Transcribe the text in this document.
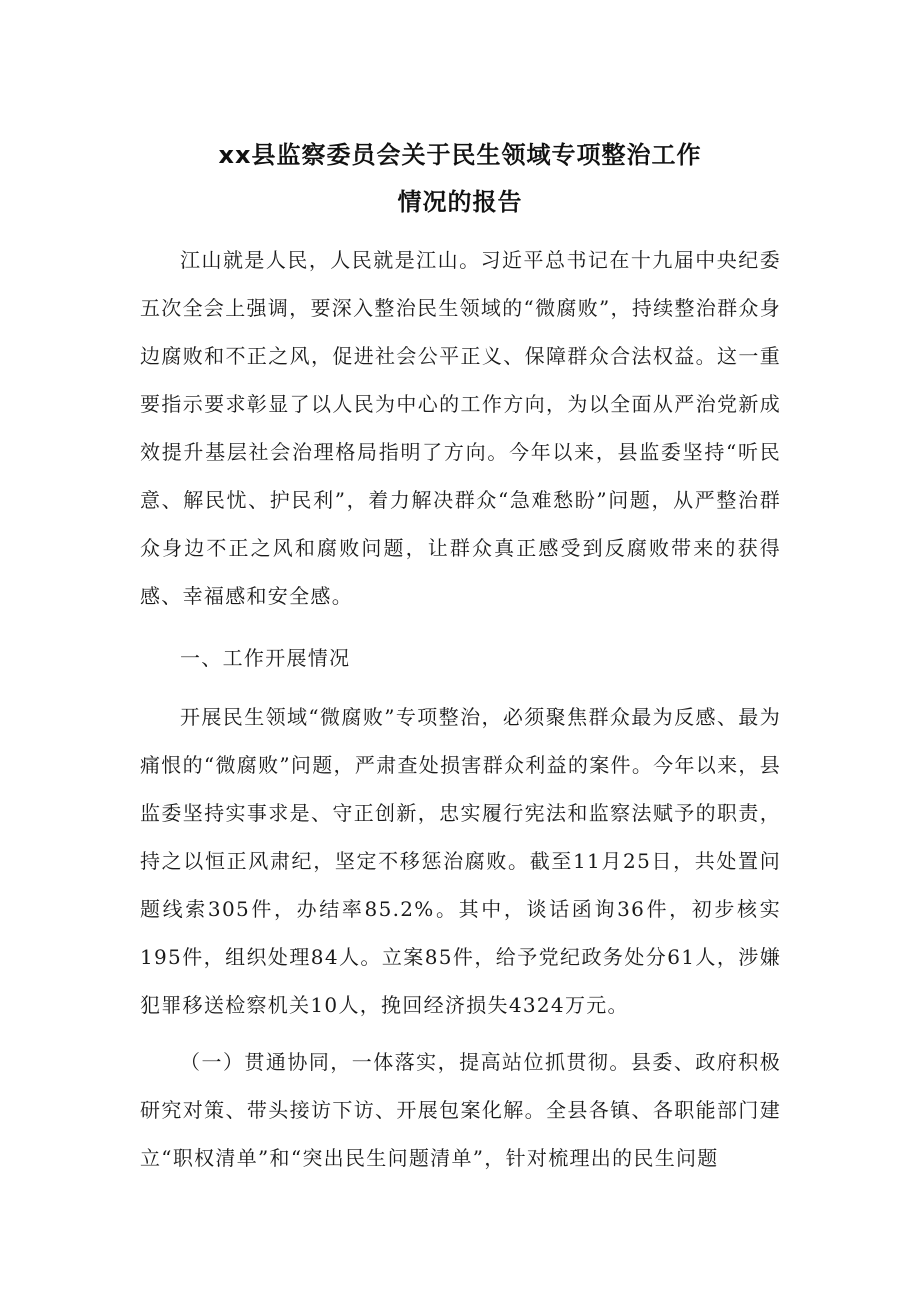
xx县监察委员会关于民生领域专项整治工作
情况的报告

江山就是人民，人民就是江山。习近平总书记在十九届中央纪委五次全会上强调，要深入整治民生领域的“微腐败”，持续整治群众身边腐败和不正之风，促进社会公平正义、保障群众合法权益。这一重要指示要求彰显了以人民为中心的工作方向，为以全面从严治党新成效提升基层社会治理格局指明了方向。今年以来，县监委坚持“听民意、解民忧、护民利”，着力解决群众“急难愁盼”问题，从严整治群众身边不正之风和腐败问题，让群众真正感受到反腐败带来的获得感、幸福感和安全感。

一、工作开展情况

开展民生领域“微腐败”专项整治，必须聚焦群众最为反感、最为痛恨的“微腐败”问题，严肃查处损害群众利益的案件。今年以来，县监委坚持实事求是、守正创新，忠实履行宪法和监察法赋予的职责，持之以恒正风肃纪，坚定不移惩治腐败。截至11月25日，共处置问题线索305件，办结率85.2%。其中，谈话函询36件，初步核实195件，组织处理84人。立案85件，给予党纪政务处分61人，涉嫌犯罪移送检察机关10人，挽回经济损失4324万元。

（一）贯通协同，一体落实，提高站位抓贯彻。县委、政府积极研究对策、带头接访下访、开展包案化解。全县各镇、各职能部门建立“职权清单”和“突出民生问题清单”，针对梳理出的民生问题
